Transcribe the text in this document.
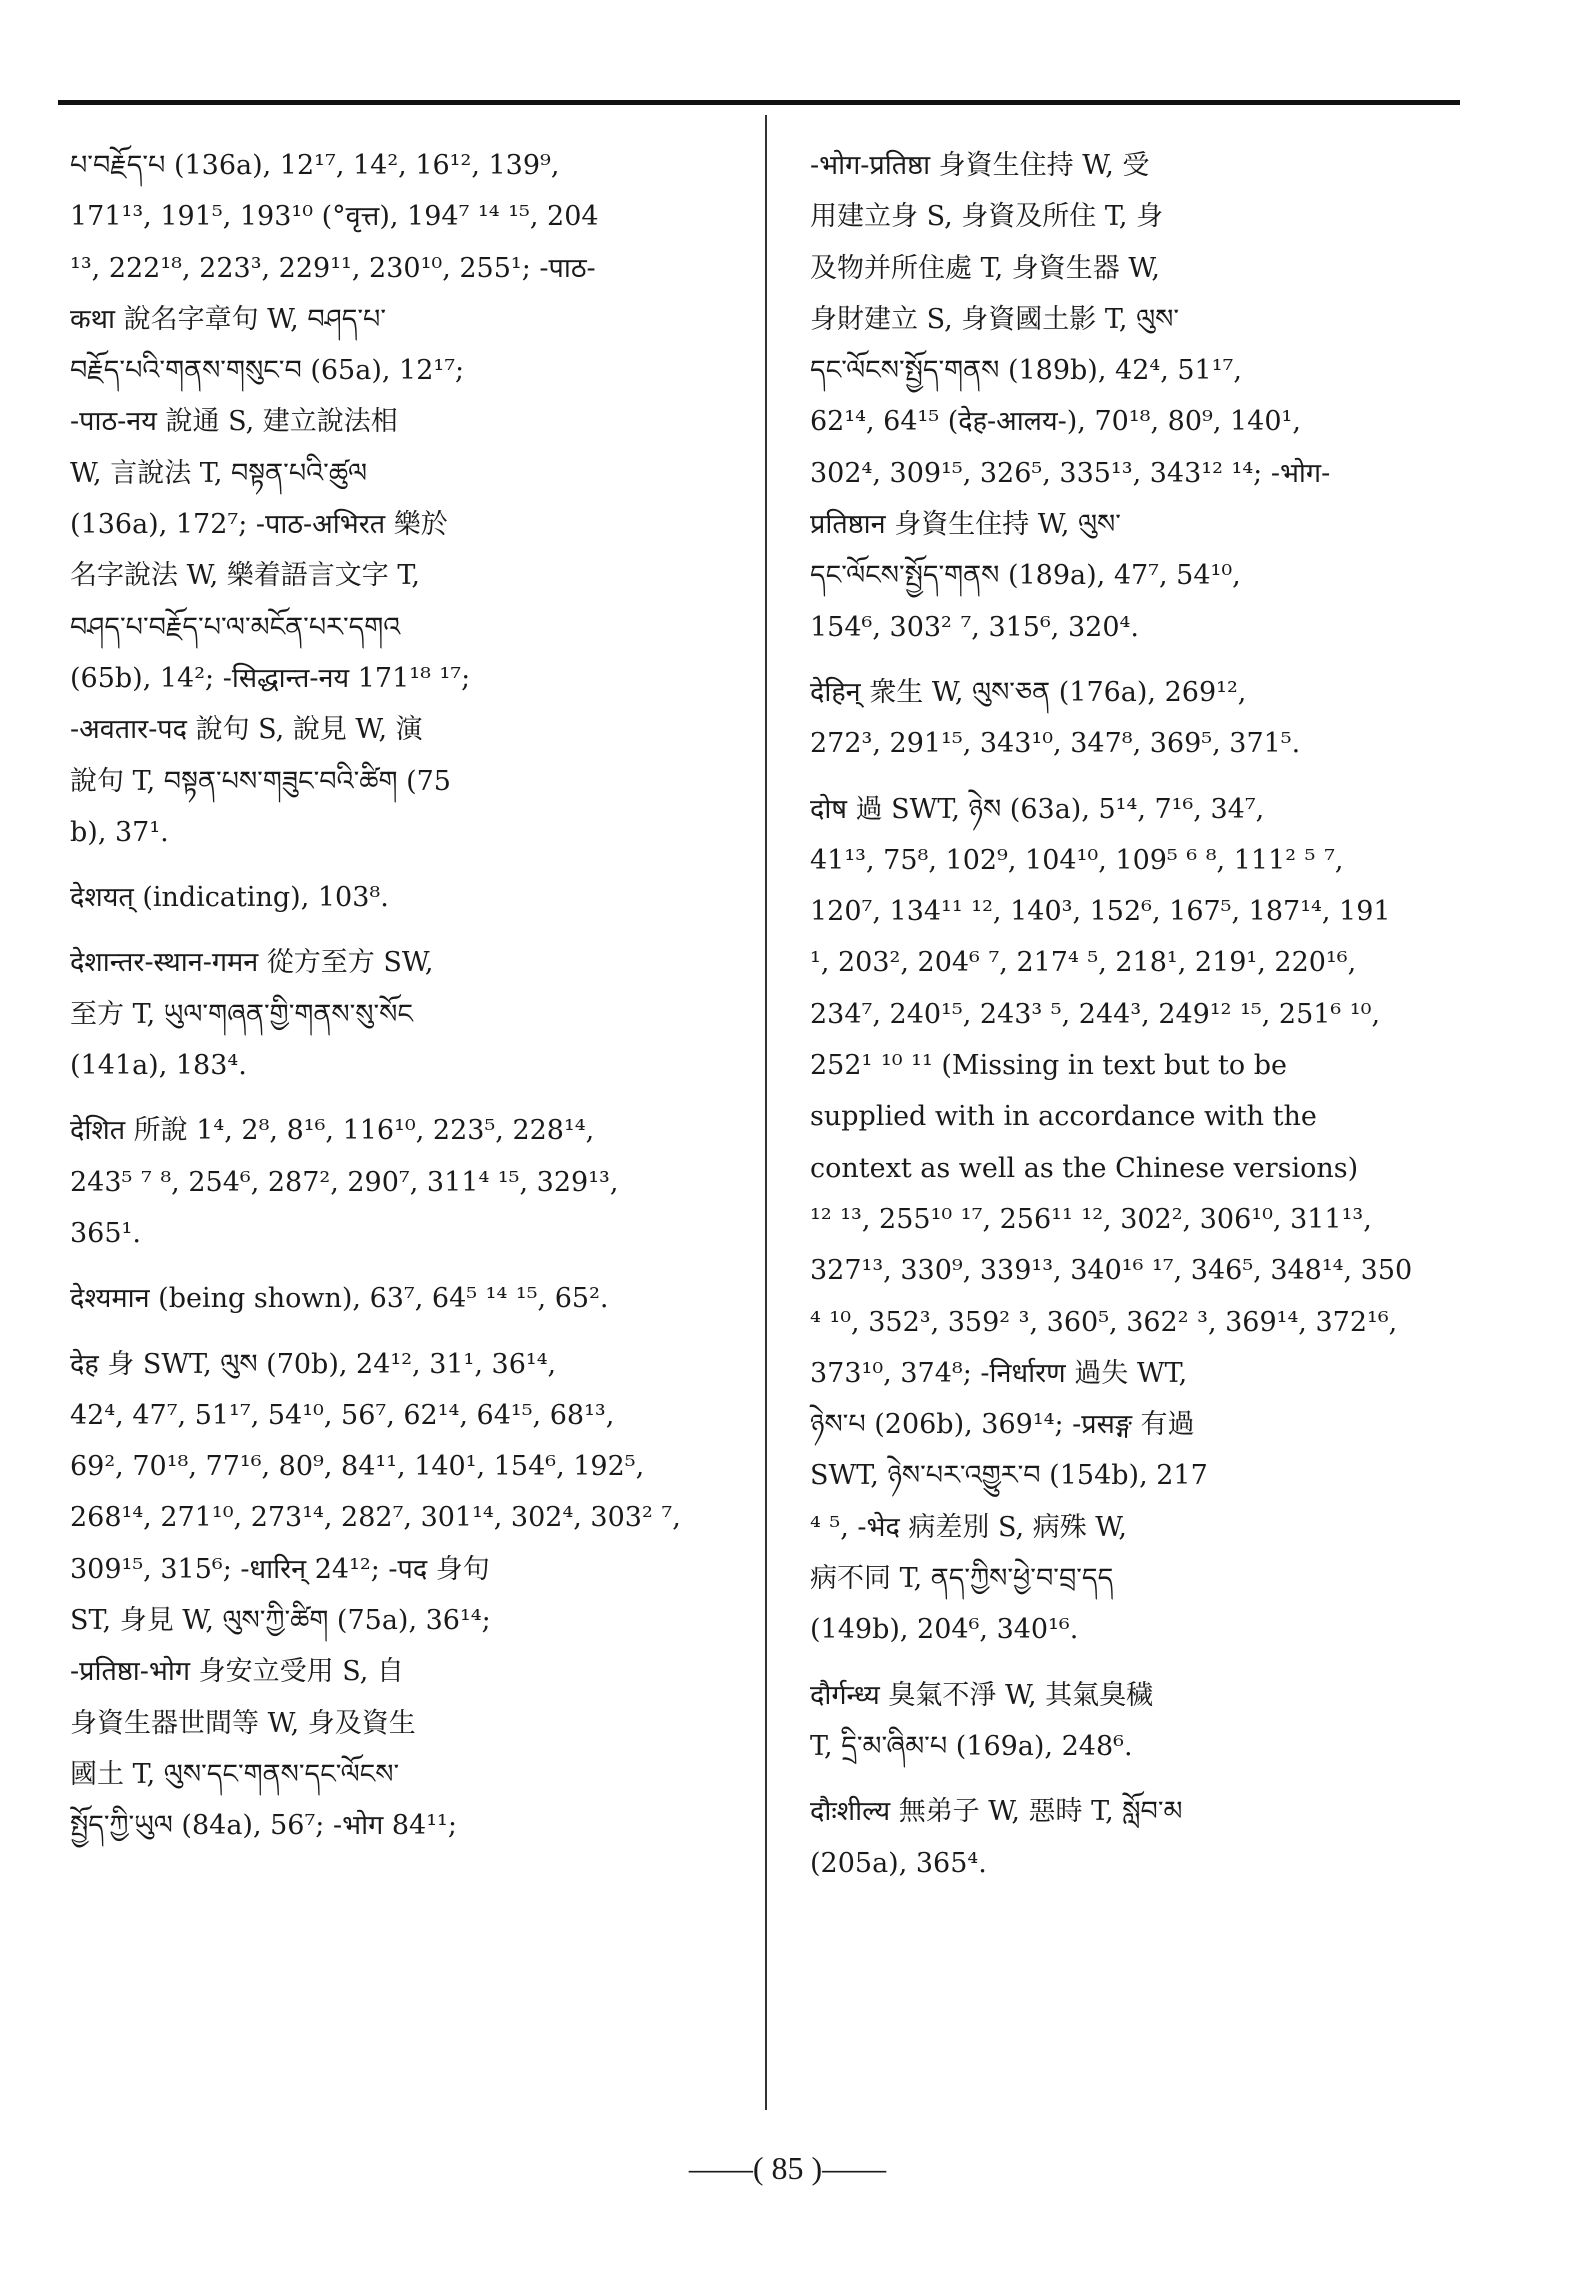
པ་བརྗོད་པ (136a), 12¹⁷, 14², 16¹², 139⁹,
171¹³, 191⁵, 193¹⁰ (°वृत्त), 194⁷ ¹⁴ ¹⁵, 204
¹³, 222¹⁸, 223³, 229¹¹, 230¹⁰, 255¹; -पाठ-
कथा 說名字章句 W, བཤད་པ་
བརྗོད་པའི་གནས་གསུང་བ (65a), 12¹⁷;
-पाठ-नय 說通 S, 建立說法相
W, 言說法 T, བསྟན་པའི་ཚུལ
(136a), 172⁷; -पाठ-अभिरत 樂於
名字說法 W, 樂着語言文字 T,
བཤད་པ་བརྗོད་པ་ལ་མངོན་པར་དགའ
(65b), 14²; -सिद्धान्त-नय 171¹⁸ ¹⁷;
-अवतार-पद 說句 S, 說見 W, 演
說句 T, བསྟན་པས་གཟུང་བའི་ཚིག (75
b), 37¹.
देशयत् (indicating), 103⁸.
देशान्तर-स्थान-गमन 從方至方 SW,
至方 T, ཡུལ་གཞན་གྱི་གནས་སུ་སོང
(141a), 183⁴.
देशित 所說 1⁴, 2⁸, 8¹⁶, 116¹⁰, 223⁵, 228¹⁴,
243⁵ ⁷ ⁸, 254⁶, 287², 290⁷, 311⁴ ¹⁵, 329¹³,
365¹.
देश्यमान (being shown), 63⁷, 64⁵ ¹⁴ ¹⁵, 65².
देह 身 SWT, ལུས (70b), 24¹², 31¹, 36¹⁴,
42⁴, 47⁷, 51¹⁷, 54¹⁰, 56⁷, 62¹⁴, 64¹⁵, 68¹³,
69², 70¹⁸, 77¹⁶, 80⁹, 84¹¹, 140¹, 154⁶, 192⁵,
268¹⁴, 271¹⁰, 273¹⁴, 282⁷, 301¹⁴, 302⁴, 303² ⁷,
309¹⁵, 315⁶; -धारिन् 24¹²; -पद 身句
ST, 身見 W, ལུས་ཀྱི་ཚིག (75a), 36¹⁴;
-प्रतिष्ठा-भोग 身安立受用 S, 自
身資生器世間等 W, 身及資生
國土 T, ལུས་དང་གནས་དང་ལོངས་
སྤྱོད་ཀྱི་ཡུལ (84a), 56⁷; -भोग 84¹¹;
-भोग-प्रतिष्ठा 身資生住持 W, 受
用建立身 S, 身資及所住 T, 身
及物并所住處 T, 身資生器 W,
身財建立 S, 身資國土影 T, ལུས་
དང་ལོངས་སྤྱོད་གནས (189b), 42⁴, 51¹⁷,
62¹⁴, 64¹⁵ (देह-आलय-), 70¹⁸, 80⁹, 140¹,
302⁴, 309¹⁵, 326⁵, 335¹³, 343¹² ¹⁴; -भोग-
प्रतिष्ठान 身資生住持 W, ལུས་
དང་ལོངས་སྤྱོད་གནས (189a), 47⁷, 54¹⁰,
154⁶, 303² ⁷, 315⁶, 320⁴.
देहिन् 衆生 W, ལུས་ཅན (176a), 269¹²,
272³, 291¹⁵, 343¹⁰, 347⁸, 369⁵, 371⁵.
दोष 過 SWT, ཉེས (63a), 5¹⁴, 7¹⁶, 34⁷,
41¹³, 75⁸, 102⁹, 104¹⁰, 109⁵ ⁶ ⁸, 111² ⁵ ⁷,
120⁷, 134¹¹ ¹², 140³, 152⁶, 167⁵, 187¹⁴, 191
¹, 203², 204⁶ ⁷, 217⁴ ⁵, 218¹, 219¹, 220¹⁶,
234⁷, 240¹⁵, 243³ ⁵, 244³, 249¹² ¹⁵, 251⁶ ¹⁰,
252¹ ¹⁰ ¹¹ (Missing in text but to be
supplied with in accordance with the
context as well as the Chinese versions)
¹² ¹³, 255¹⁰ ¹⁷, 256¹¹ ¹², 302², 306¹⁰, 311¹³,
327¹³, 330⁹, 339¹³, 340¹⁶ ¹⁷, 346⁵, 348¹⁴, 350
⁴ ¹⁰, 352³, 359² ³, 360⁵, 362² ³, 369¹⁴, 372¹⁶,
373¹⁰, 374⁸; -निर्धारण 過失 WT,
ཉེས་པ (206b), 369¹⁴; -प्रसङ्ग 有過
SWT, ཉེས་པར་འགྱུར་བ (154b), 217
⁴ ⁵, -भेद 病差別 S, 病殊 W,
病不同 T, ནད་ཀྱིས་ཕྱེ་བ་བྲ་དད
(149b), 204⁶, 340¹⁶.
दौर्गन्ध्य 臭氣不淨 W, 其氣臭穢
T, དྲི་མ་ཞིམ་པ (169a), 248⁶.
दौःशील्य 無弟子 W, 惡時 T, སློབ་མ
(205a), 365⁴.
——( 85 )——
